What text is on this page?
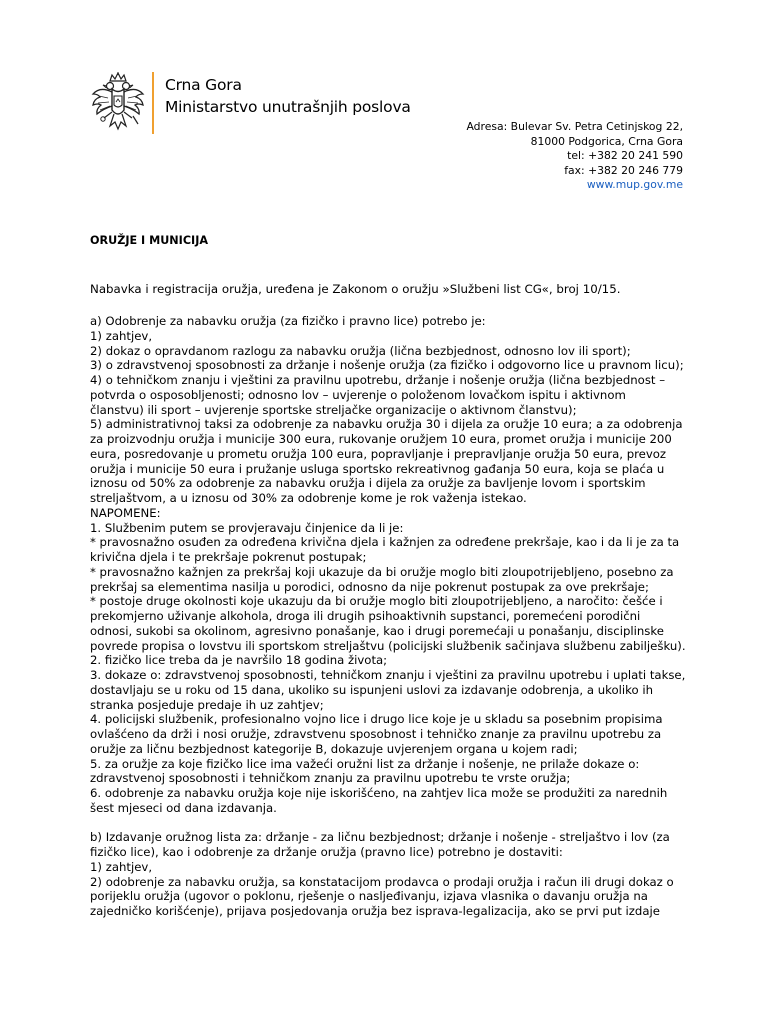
Crna Gora
Ministarstvo unutrašnjih poslova
Adresa: Bulevar Sv. Petra Cetinjskog 22,
81000 Podgorica, Crna Gora
tel: +382 20 241 590
fax: +382 20 246 779
www.mup.gov.me
ORUŽJE I MUNICIJA
Nabavka i registracija oružja, uređena je Zakonom o oružju »Službeni list CG«, broj 10/15.
a) Odobrenje za nabavku oružja (za fizičko i pravno lice) potrebo je:
1) zahtjev,
2) dokaz o opravdanom razlogu za nabavku oružja (lična bezbjednost, odnosno lov ili sport);
3) o zdravstvenoj sposobnosti za držanje i nošenje oružja (za fizičko i odgovorno lice u pravnom licu);
4) o tehničkom znanju i vještini za pravilnu upotrebu, držanje i nošenje oružja (lična bezbjednost –
potvrda o osposobljenosti; odnosno lov – uvjerenje o položenom lovačkom ispitu i aktivnom
članstvu) ili sport – uvjerenje sportske streljačke organizacije o aktivnom članstvu);
5) administrativnoj taksi za odobrenje za nabavku oružja 30 i dijela za oružje 10 eura; a za odobrenja
za proizvodnju oružja i municije 300 eura, rukovanje oružjem 10 eura, promet oružja i municije 200
eura, posredovanje u prometu oružja 100 eura, popravljanje i prepravljanje oružja 50 eura, prevoz
oružja i municije 50 eura i pružanje usluga sportsko rekreativnog gađanja 50 eura, koja se plaća u
iznosu od 50% za odobrenje za nabavku oružja i dijela za oružje za bavljenje lovom i sportskim
streljaštvom, a u iznosu od 30% za odobrenje kome je rok važenja istekao.
NAPOMENE:
1. Službenim putem se provjeravaju činjenice da li je:
* pravosnažno osuđen za određena krivična djela i kažnjen za određene prekršaje, kao i da li je za ta
krivična djela i te prekršaje pokrenut postupak;
* pravosnažno kažnjen za prekršaj koji ukazuje da bi oružje moglo biti zloupotrijebljeno, posebno za
prekršaj sa elementima nasilja u porodici, odnosno da nije pokrenut postupak za ove prekršaje;
* postoje druge okolnosti koje ukazuju da bi oružje moglo biti zloupotrijebljeno, a naročito: češće i
prekomjerno uživanje alkohola, droga ili drugih psihoaktivnih supstanci, poremećeni porodični
odnosi, sukobi sa okolinom, agresivno ponašanje, kao i drugi poremećaji u ponašanju, disciplinske
povrede propisa o lovstvu ili sportskom streljaštvu (policijski službenik sačinjava službenu zabilješku).
2. fizičko lice treba da je navršilo 18 godina života;
3. dokaze o: zdravstvenoj sposobnosti, tehničkom znanju i vještini za pravilnu upotrebu i uplati takse,
dostavljaju se u roku od 15 dana, ukoliko su ispunjeni uslovi za izdavanje odobrenja, a ukoliko ih
stranka posjeduje predaje ih uz zahtjev;
4. policijski službenik, profesionalno vojno lice i drugo lice koje je u skladu sa posebnim propisima
ovlašćeno da drži i nosi oružje, zdravstvenu sposobnost i tehničko znanje za pravilnu upotrebu za
oružje za ličnu bezbjednost kategorije B, dokazuje uvjerenjem organa u kojem radi;
5. za oružje za koje fizičko lice ima važeći oružni list za držanje i nošenje, ne prilaže dokaze o:
zdravstvenoj sposobnosti i tehničkom znanju za pravilnu upotrebu te vrste oružja;
6. odobrenje za nabavku oružja koje nije iskorišćeno, na zahtjev lica može se produžiti za narednih
šest mjeseci od dana izdavanja.
b) Izdavanje oružnog lista za: držanje - za ličnu bezbjednost; držanje i nošenje - streljaštvo i lov (za
fizičko lice), kao i odobrenje za držanje oružja (pravno lice) potrebno je dostaviti:
1) zahtjev,
2) odobrenje za nabavku oružja, sa konstatacijom prodavca o prodaji oružja i račun ili drugi dokaz o
porijeklu oružja (ugovor o poklonu, rješenje o nasljeđivanju, izjava vlasnika o davanju oružja na
zajedničko korišćenje), prijava posjedovanja oružja bez isprava-legalizacija, ako se prvi put izdaje
